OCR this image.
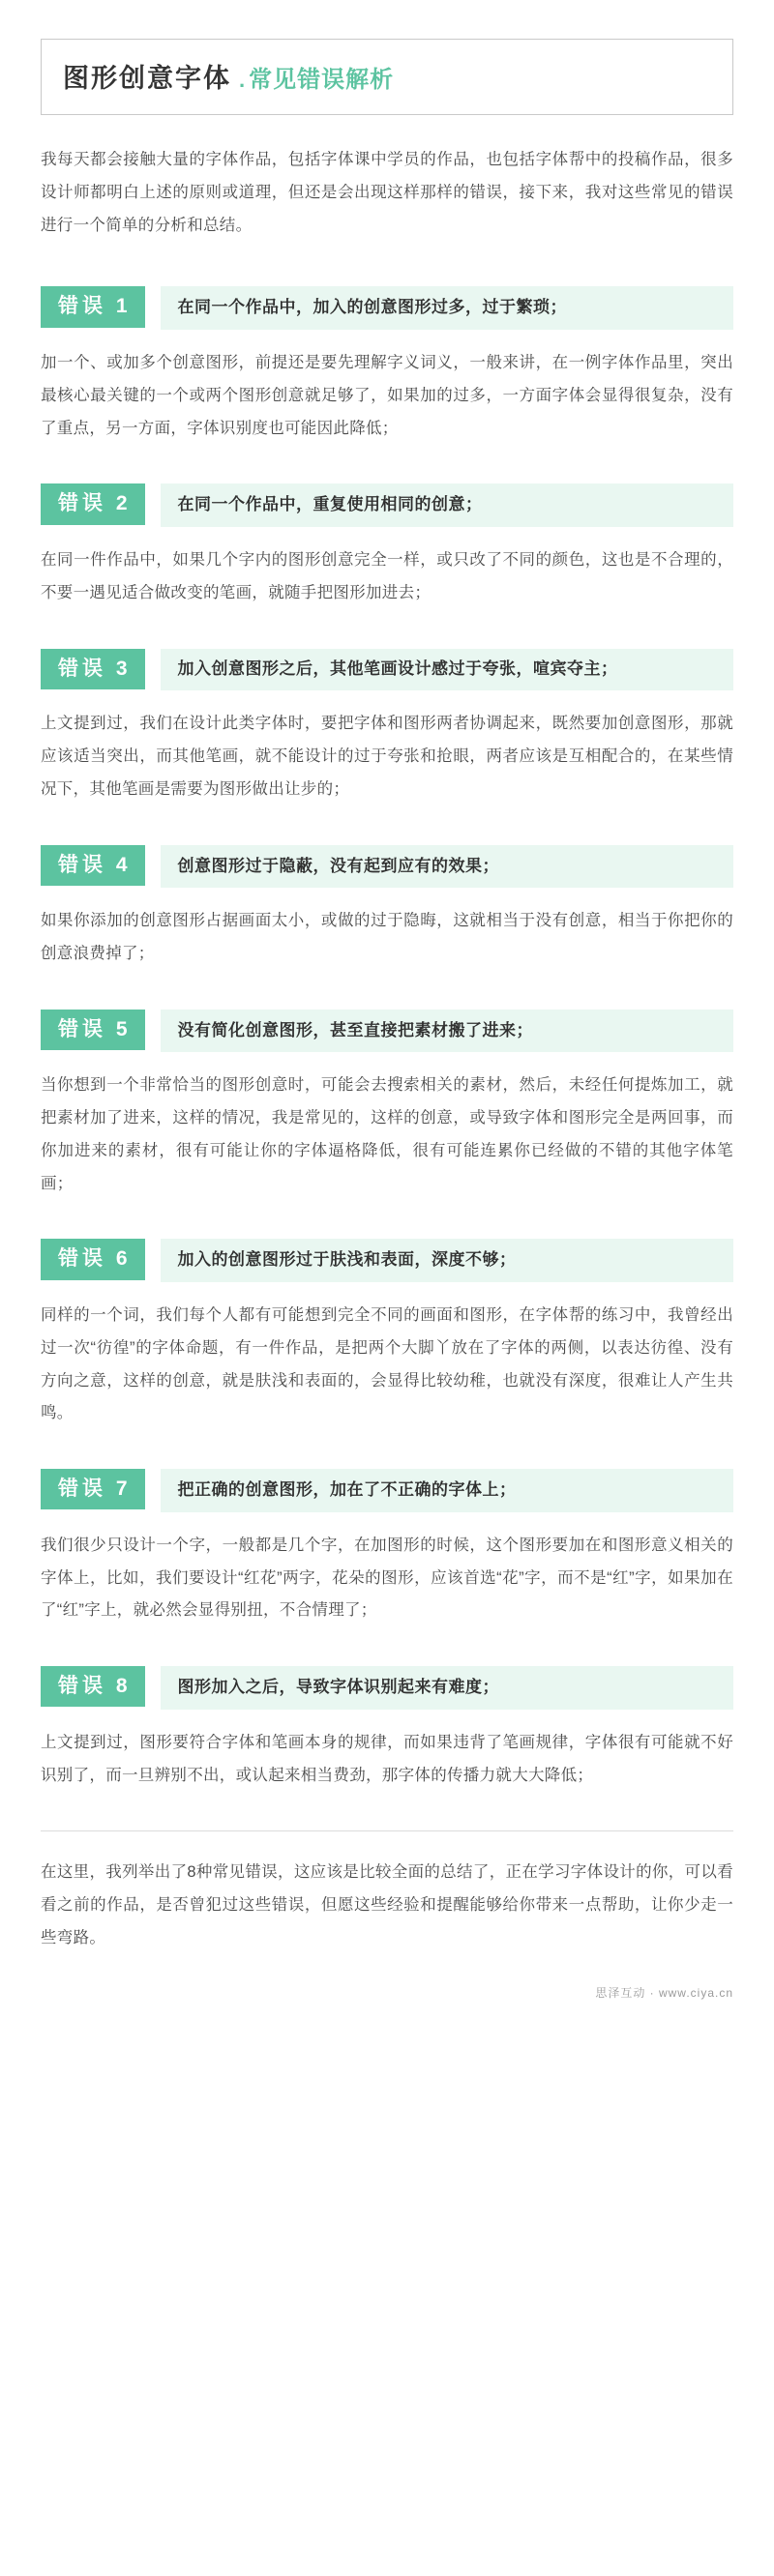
图形创意字体 . 常见错误解析

我每天都会接触大量的字体作品，包括字体课中学员的作品，也包括字体帮中的投稿作品，很多设计师都明白上述的原则或道理，但还是会出现这样那样的错误，接下来，我对这些常见的错误进行一个简单的分析和总结。

错误 1	在同一个作品中，加入的创意图形过多，过于繁琐；

加一个、或加多个创意图形，前提还是要先理解字义词义，一般来讲，在一例字体作品里，突出最核心最关键的一个或两个图形创意就足够了，如果加的过多，一方面字体会显得很复杂，没有了重点，另一方面，字体识别度也可能因此降低；

错误 2	在同一个作品中，重复使用相同的创意；

在同一件作品中，如果几个字内的图形创意完全一样，或只改了不同的颜色，这也是不合理的，不要一遇见适合做改变的笔画，就随手把图形加进去；

错误 3	加入创意图形之后，其他笔画设计感过于夸张，喧宾夺主；

上文提到过，我们在设计此类字体时，要把字体和图形两者协调起来，既然要加创意图形，那就应该适当突出，而其他笔画，就不能设计的过于夸张和抢眼，两者应该是互相配合的，在某些情况下，其他笔画是需要为图形做出让步的；

错误 4	创意图形过于隐蔽，没有起到应有的效果；

如果你添加的创意图形占据画面太小，或做的过于隐晦，这就相当于没有创意，相当于你把你的创意浪费掉了；

错误 5	没有简化创意图形，甚至直接把素材搬了进来；

当你想到一个非常恰当的图形创意时，可能会去搜索相关的素材，然后，未经任何提炼加工，就把素材加了进来，这样的情况，我是常见的，这样的创意，或导致字体和图形完全是两回事，而你加进来的素材，很有可能让你的字体逼格降低，很有可能连累你已经做的不错的其他字体笔画；

错误 6	加入的创意图形过于肤浅和表面，深度不够；

同样的一个词，我们每个人都有可能想到完全不同的画面和图形，在字体帮的练习中，我曾经出过一次“彷徨”的字体命题，有一件作品，是把两个大脚丫放在了字体的两侧，以表达彷徨、没有方向之意，这样的创意，就是肤浅和表面的，会显得比较幼稚，也就没有深度，很难让人产生共鸣。

错误 7	把正确的创意图形，加在了不正确的字体上；

我们很少只设计一个字，一般都是几个字，在加图形的时候，这个图形要加在和图形意义相关的字体上，比如，我们要设计“红花”两字，花朵的图形，应该首选“花”字，而不是“红”字，如果加在了“红”字上，就必然会显得别扭，不合情理了；

错误 8	图形加入之后，导致字体识别起来有难度；

上文提到过，图形要符合字体和笔画本身的规律，而如果违背了笔画规律，字体很有可能就不好识别了，而一旦辨别不出，或认起来相当费劲，那字体的传播力就大大降低；

在这里，我列举出了8种常见错误，这应该是比较全面的总结了，正在学习字体设计的你，可以看看之前的作品，是否曾犯过这些错误，但愿这些经验和提醒能够给你带来一点帮助，让你少走一些弯路。

思泽互动 · www.ciya.cn
